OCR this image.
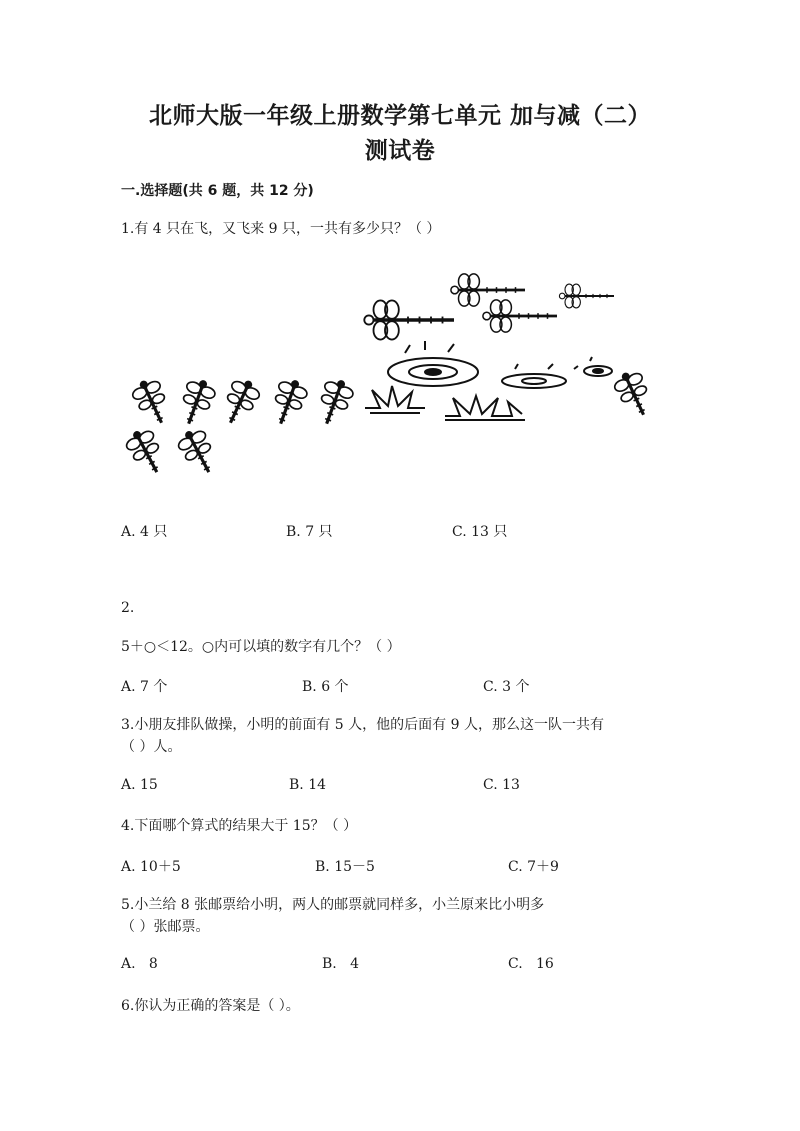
北师大版一年级上册数学第七单元 加与减（二）
测试卷
一.选择题(共 6 题，共 12 分)
1.有 4 只在飞，又飞来 9 只，一共有多少只？（ ）
A. 4 只	B. 7 只	C. 13 只
2.
5＋○＜12。○内可以填的数字有几个？（ ）
A. 7 个	B. 6 个	C. 3 个
3.小朋友排队做操，小明的前面有 5 人，他的后面有 9 人，那么这一队一共有
（ ）人。
A. 15	B. 14	C. 13
4.下面哪个算式的结果大于 15？（ ）
A. 10＋5	B. 15－5	C. 7＋9
5.小兰给 8 张邮票给小明，两人的邮票就同样多，小兰原来比小明多
（ ）张邮票。
A.   8	B.   4	C.   16
6.你认为正确的答案是（ ）。
